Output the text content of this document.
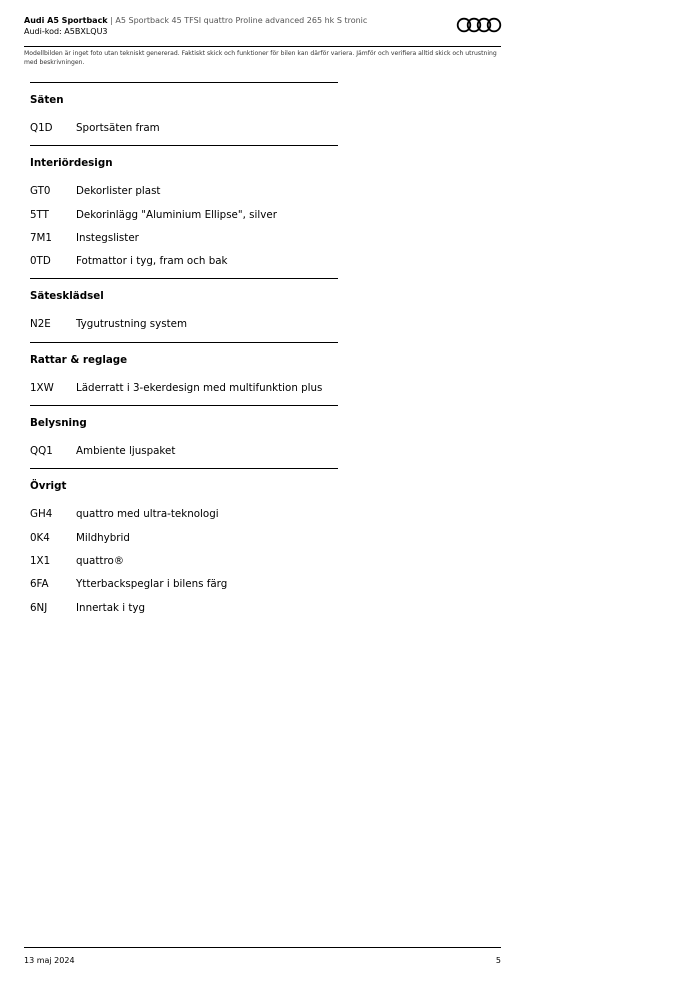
Audi A5 Sportback | A5 Sportback 45 TFSI quattro Proline advanced 265 hk S tronic
Audi-kod: A5BXLQU3
Modellbilden är inget foto utan tekniskt genererad. Faktiskt skick och funktioner för bilen kan därför variera. Jämför och verifiera alltid skick och utrustning med beskrivningen.
Säten
Q1D	Sportsäten fram
Interiördesign
GT0	Dekorlister plast
5TT	Dekorinlägg "Aluminium Ellipse", silver
7M1	Instegslister
0TD	Fotmattor i tyg, fram och bak
Sätesklädsel
N2E	Tygutrustning system
Rattar & reglage
1XW	Läderratt i 3-ekerdesign med multifunktion plus
Belysning
QQ1	Ambiente ljuspaket
Övrigt
GH4	quattro med ultra-teknologi
0K4	Mildhybrid
1X1	quattro®
6FA	Ytterbackspeglar i bilens färg
6NJ	Innertak i tyg
13 maj 2024	5
